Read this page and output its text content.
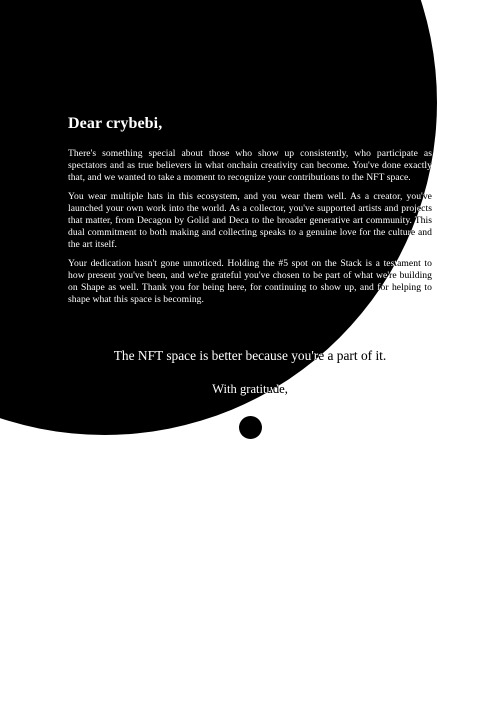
Dear crybebi,

There's something special about those who show up consistently, who participate as spectators and as true believers in what onchain creativity can become. You've done exactly that, and we wanted to take a moment to recognize your contributions to the NFT space.

You wear multiple hats in this ecosystem, and you wear them well. As a creator, you've launched your own work into the world. As a collector, you've supported artists and projects that matter, from Decagon by Golid and Deca to the broader generative art community. This dual commitment to both making and collecting speaks to a genuine love for the culture and the art itself.

Your dedication hasn't gone unnoticed. Holding the #5 spot on the Stack is a testament to how present you've been, and we're grateful you've chosen to be part of what we're building on Shape as well. Thank you for being here, for continuing to show up, and for helping to shape what this space is becoming.

The NFT space is better because you're a part of it.

With gratitude,
